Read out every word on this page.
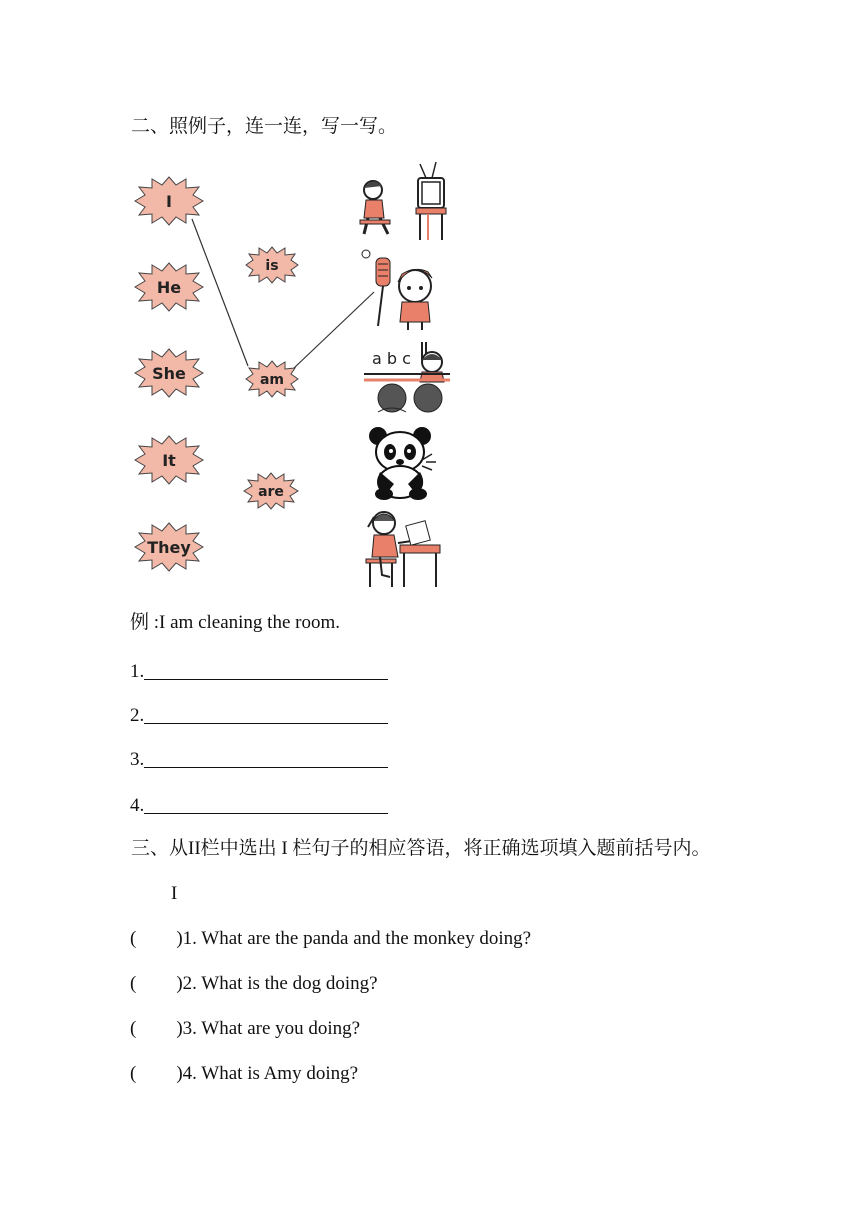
二、照例子，连一连，写一写。
I
He
She
It
They
is
am
are
a b c
例 :I am cleaning the room.
1.
2.
3.
4.
三、从II栏中选出 I 栏句子的相应答语，将正确选项填入题前括号内。
I
( )1. What are the panda and the monkey doing?
( )2. What is the dog doing?
( )3. What are you doing?
( )4. What is Amy doing?
